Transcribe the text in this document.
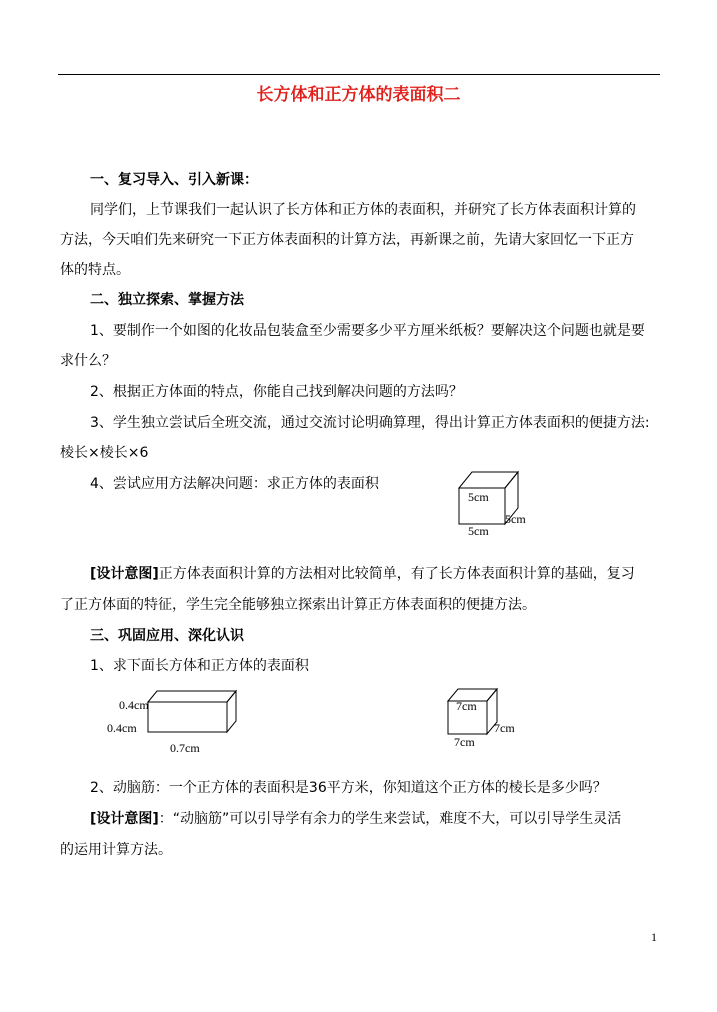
长方体和正方体的表面积二
一、复习导入、引入新课：
同学们，上节课我们一起认识了长方体和正方体的表面积，并研究了长方体表面积计算的
方法，今天咱们先来研究一下正方体表面积的计算方法，再新课之前，先请大家回忆一下正方
体的特点。
二、独立探索、掌握方法
1、要制作一个如图的化妆品包装盒至少需要多少平方厘米纸板？要解决这个问题也就是要
求什么？
2、根据正方体面的特点，你能自己找到解决问题的方法吗？
3、学生独立尝试后全班交流，通过交流讨论明确算理，得出计算正方体表面积的便捷方法:
棱长×棱长×6
4、尝试应用方法解决问题：求正方体的表面积
5cm
5cm
5cm
[设计意图]正方体表面积计算的方法相对比较简单，有了长方体表面积计算的基础，复习
了正方体面的特征，学生完全能够独立探索出计算正方体表面积的便捷方法。
三、巩固应用、深化认识
1、求下面长方体和正方体的表面积
0.4cm
0.4cm
0.7cm
7cm
7cm
7cm
2、动脑筋：一个正方体的表面积是36平方米，你知道这个正方体的棱长是多少吗？
[设计意图]：“动脑筋”可以引导学有余力的学生来尝试，难度不大，可以引导学生灵活
的运用计算方法。
1
